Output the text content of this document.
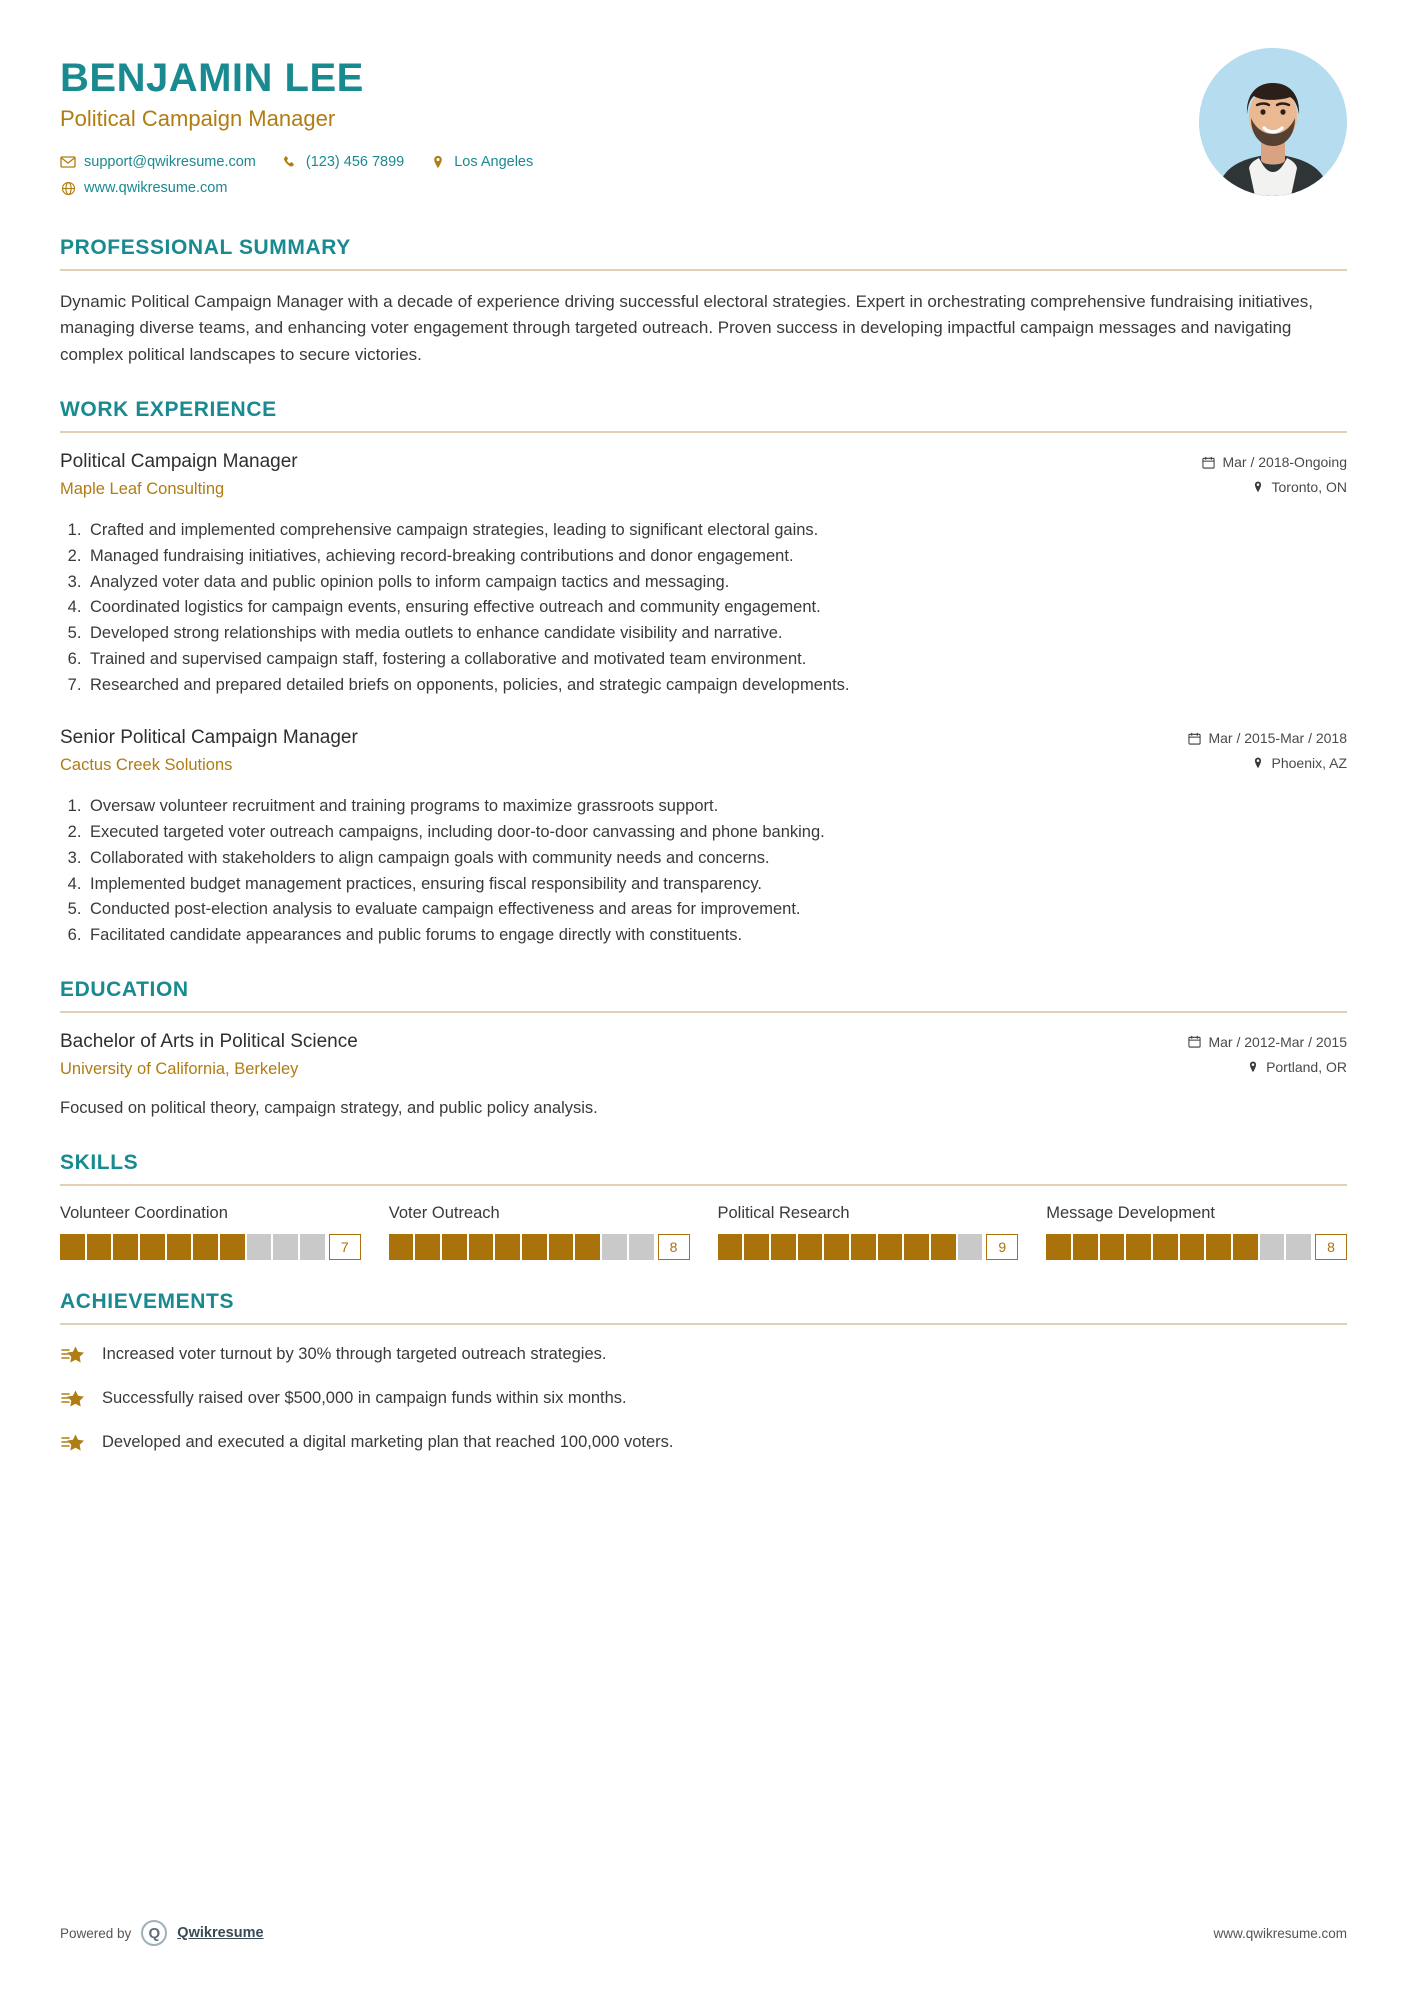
BENJAMIN LEE
Political Campaign Manager
support@qwikresume.com	(123) 456 7899	Los Angeles
www.qwikresume.com
PROFESSIONAL SUMMARY

Dynamic Political Campaign Manager with a decade of experience driving successful electoral strategies. Expert in orchestrating comprehensive fundraising initiatives, managing diverse teams, and enhancing voter engagement through targeted outreach. Proven success in developing impactful campaign messages and navigating complex political landscapes to secure victories.

WORK EXPERIENCE
Political Campaign Manager
Maple Leaf Consulting
Mar / 2018-Ongoing
Toronto, ON
1. Crafted and implemented comprehensive campaign strategies, leading to significant electoral gains.
2. Managed fundraising initiatives, achieving record-breaking contributions and donor engagement.
3. Analyzed voter data and public opinion polls to inform campaign tactics and messaging.
4. Coordinated logistics for campaign events, ensuring effective outreach and community engagement.
5. Developed strong relationships with media outlets to enhance candidate visibility and narrative.
6. Trained and supervised campaign staff, fostering a collaborative and motivated team environment.
7. Researched and prepared detailed briefs on opponents, policies, and strategic campaign developments.
Senior Political Campaign Manager
Cactus Creek Solutions
Mar / 2015-Mar / 2018
Phoenix, AZ
1. Oversaw volunteer recruitment and training programs to maximize grassroots support.
2. Executed targeted voter outreach campaigns, including door-to-door canvassing and phone banking.
3. Collaborated with stakeholders to align campaign goals with community needs and concerns.
4. Implemented budget management practices, ensuring fiscal responsibility and transparency.
5. Conducted post-election analysis to evaluate campaign effectiveness and areas for improvement.
6. Facilitated candidate appearances and public forums to engage directly with constituents.
EDUCATION
Bachelor of Arts in Political Science
University of California, Berkeley
Mar / 2012-Mar / 2015
Portland, OR

Focused on political theory, campaign strategy, and public policy analysis.

SKILLS
Volunteer Coordination
7
Voter Outreach
8
Political Research
9
Message Development
8
ACHIEVEMENTS
Increased voter turnout by 30% through targeted outreach strategies.
Successfully raised over $500,000 in campaign funds within six months.
Developed and executed a digital marketing plan that reached 100,000 voters.
Powered by	Q	Qwikresume	www.qwikresume.com
